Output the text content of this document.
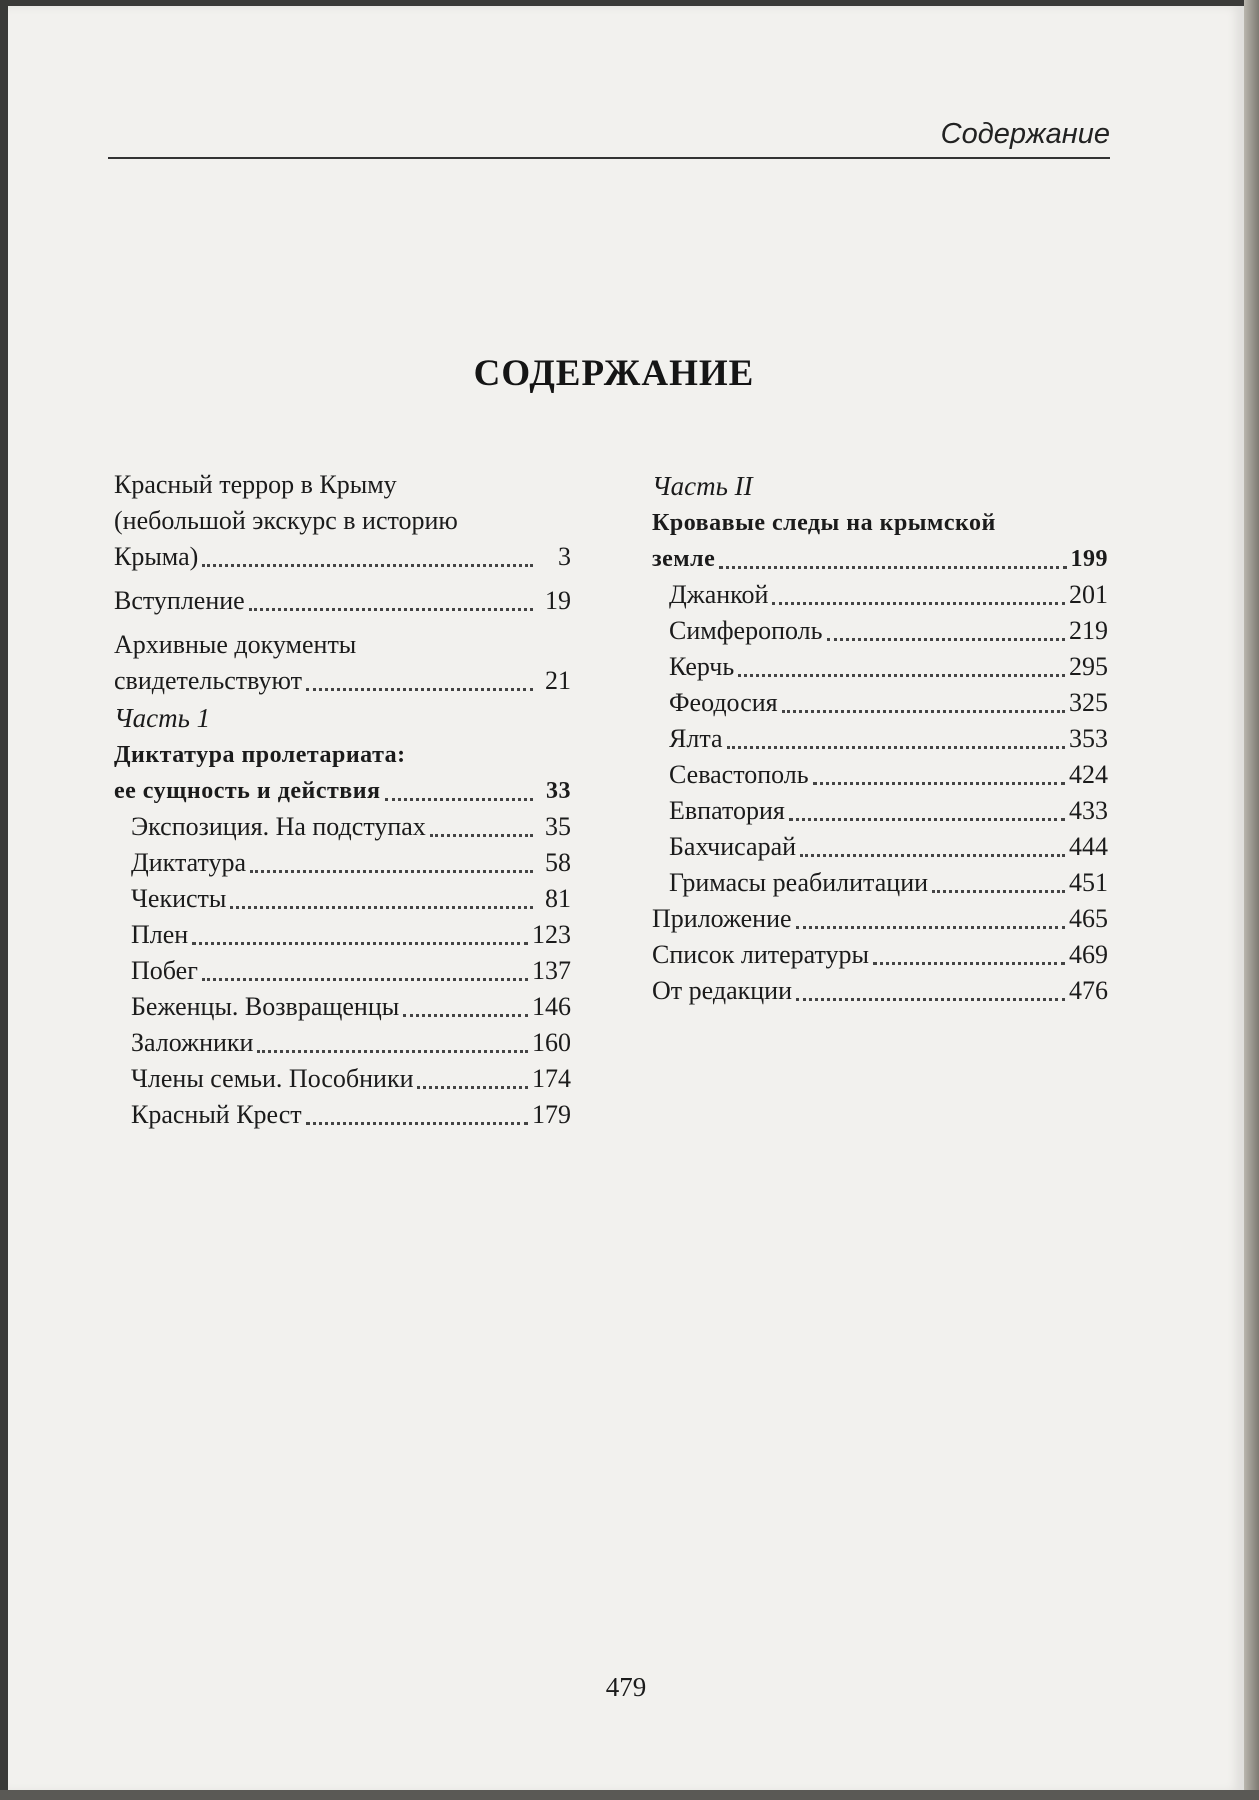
Содержание
СОДЕРЖАНИЕ
Красный террор в Крыму
(небольшой экскурс в историю
Крыма)	3
Вступление	19
Архивные документы
свидетельствуют	21
Часть 1
Диктатура пролетариата:
ее сущность и действия	33
Экспозиция. На подступах	35
Диктатура	58
Чекисты	81
Плен	123
Побег	137
Беженцы. Возвращенцы	146
Заложники	160
Члены семьи. Пособники	174
Красный Крест	179
Часть II
Кровавые следы на крымской
земле	199
Джанкой	201
Симферополь	219
Керчь	295
Феодосия	325
Ялта	353
Севастополь	424
Евпатория	433
Бахчисарай	444
Гримасы реабилитации	451
Приложение	465
Список литературы	469
От редакции	476
479
